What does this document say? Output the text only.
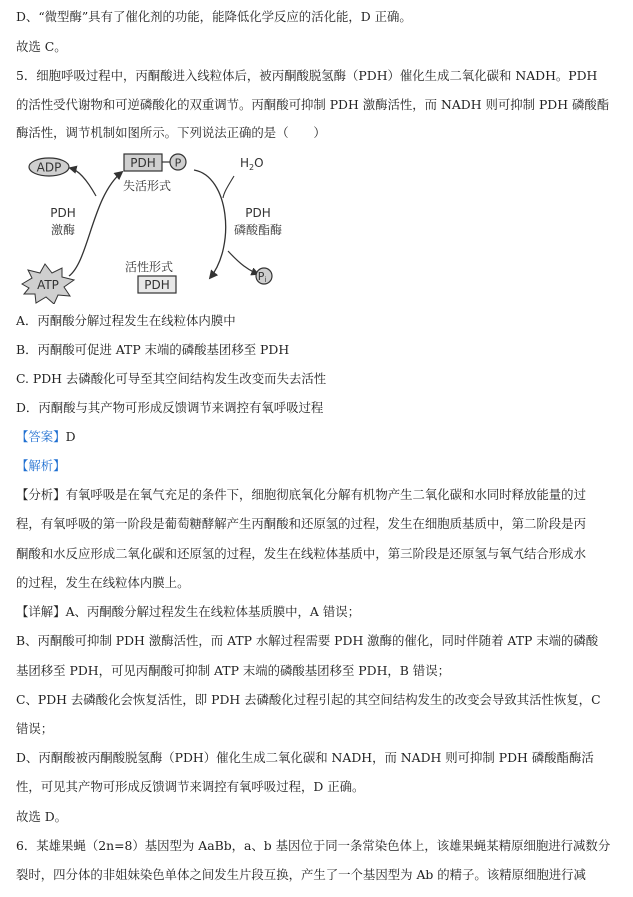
D、“微型酶”具有了催化剂的功能，能降低化学反应的活化能，D 正确。
故选 C。
5．细胞呼吸过程中，丙酮酸进入线粒体后，被丙酮酸脱氢酶（PDH）催化生成二氧化碳和 NADH。PDH
的活性受代谢物和可逆磷酸化的双重调节。丙酮酸可抑制 PDH 激酶活性，而 NADH 则可抑制 PDH 磷酸酯
酶活性，调节机制如图所示。下列说法正确的是（　　）
ADP
ATP
PDH P
失活形式
$H_2O$
PDH
激酶
PDH
磷酸酯酶
活性形式
PDH
Pi
A．丙酮酸分解过程发生在线粒体内膜中
B．丙酮酸可促进 ATP 末端的磷酸基团移至 PDH
C. PDH 去磷酸化可导至其空间结构发生改变而失去活性
D．丙酮酸与其产物可形成反馈调节来调控有氧呼吸过程
【答案】D
【解析】
【分析】有氧呼吸是在氧气充足的条件下，细胞彻底氧化分解有机物产生二氧化碳和水同时释放能量的过
程，有氧呼吸的第一阶段是葡萄糖酵解产生丙酮酸和还原氢的过程，发生在细胞质基质中，第二阶段是丙
酮酸和水反应形成二氧化碳和还原氢的过程，发生在线粒体基质中，第三阶段是还原氢与氧气结合形成水
的过程，发生在线粒体内膜上。
【详解】A、丙酮酸分解过程发生在线粒体基质膜中，A 错误；
B、丙酮酸可抑制 PDH 激酶活性，而 ATP 水解过程需要 PDH 激酶的催化，同时伴随着 ATP 末端的磷酸
基团移至 PDH，可见丙酮酸可抑制 ATP 末端的磷酸基团移至 PDH，B 错误；
C、PDH 去磷酸化会恢复活性，即 PDH 去磷酸化过程引起的其空间结构发生的改变会导致其活性恢复，C
错误；
D、丙酮酸被丙酮酸脱氢酶（PDH）催化生成二氧化碳和 NADH，而 NADH 则可抑制 PDH 磷酸酯酶活
性，可见其产物可形成反馈调节来调控有氧呼吸过程，D 正确。
故选 D。
6．某雄果蝇（2n=8）基因型为 AaBb，a、b 基因位于同一条常染色体上，该雄果蝇某精原细胞进行减数分
裂时，四分体的非姐妹染色单体之间发生片段互换，产生了一个基因型为 Ab 的精子。该精原细胞进行减
